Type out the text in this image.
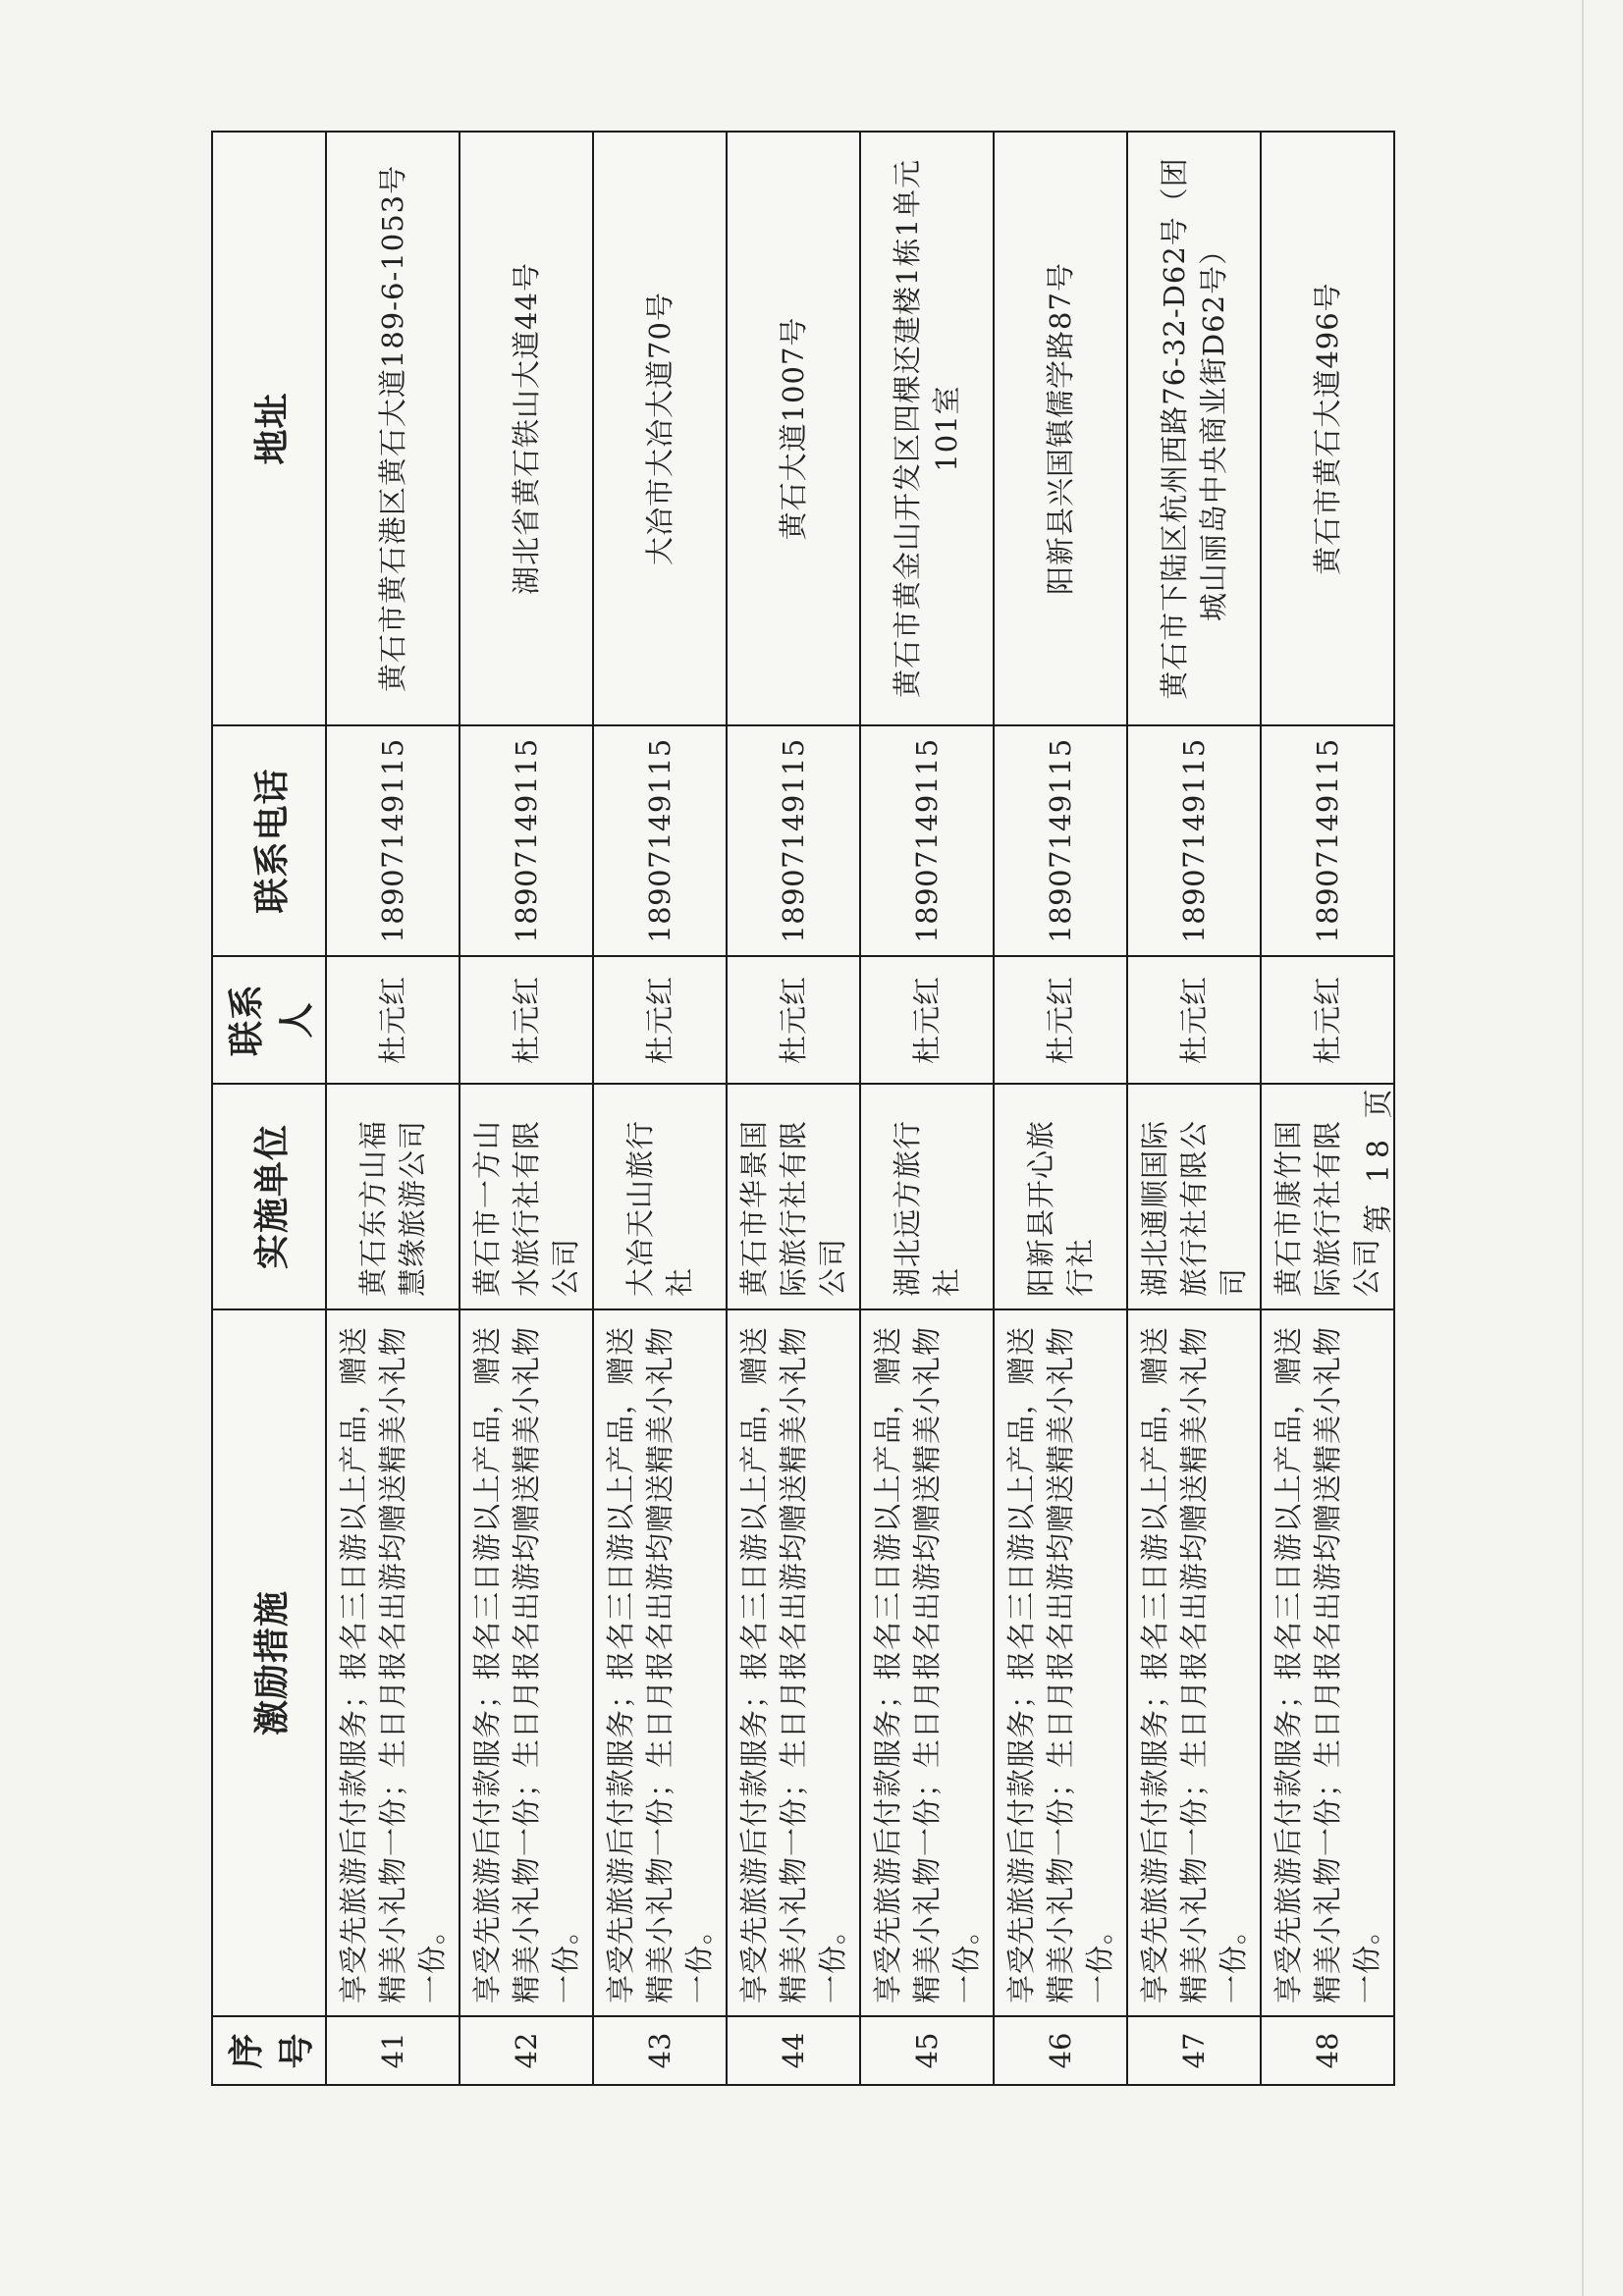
序号	激励措施	实施单位	联系人	联系电话	地址
41	享受先旅游后付款服务；报名三日游以上产品，赠送精美小礼物一份；生日月报名出游均赠送精美小礼物一份。	黄石东方山福慧缘旅游公司	杜元红	18907149115	黄石市黄石港区黄石大道189-6-1053号
42	享受先旅游后付款服务；报名三日游以上产品，赠送精美小礼物一份；生日月报名出游均赠送精美小礼物一份。	黄石市一方山水旅行社有限公司	杜元红	18907149115	湖北省黄石铁山大道44号
43	享受先旅游后付款服务；报名三日游以上产品，赠送精美小礼物一份；生日月报名出游均赠送精美小礼物一份。	大冶天山旅行社	杜元红	18907149115	大冶市大冶大道70号
44	享受先旅游后付款服务；报名三日游以上产品，赠送精美小礼物一份；生日月报名出游均赠送精美小礼物一份。	黄石市华景国际旅行社有限公司	杜元红	18907149115	黄石大道1007号
45	享受先旅游后付款服务；报名三日游以上产品，赠送精美小礼物一份；生日月报名出游均赠送精美小礼物一份。	湖北远方旅行社	杜元红	18907149115	黄石市黄金山开发区四棵还建楼1栋1单元101室
46	享受先旅游后付款服务；报名三日游以上产品，赠送精美小礼物一份；生日月报名出游均赠送精美小礼物一份。	阳新县开心旅行社	杜元红	18907149115	阳新县兴国镇儒学路87号
47	享受先旅游后付款服务；报名三日游以上产品，赠送精美小礼物一份；生日月报名出游均赠送精美小礼物一份。	湖北通顺国际旅行社有限公司	杜元红	18907149115	黄石市下陆区杭州西路76-32-D62号（团城山丽岛中央商业街D62号）
48	享受先旅游后付款服务；报名三日游以上产品，赠送精美小礼物一份；生日月报名出游均赠送精美小礼物一份。	黄石市康竹国际旅行社有限公司	杜元红	18907149115	黄石市黄石大道496号
第 18 页
